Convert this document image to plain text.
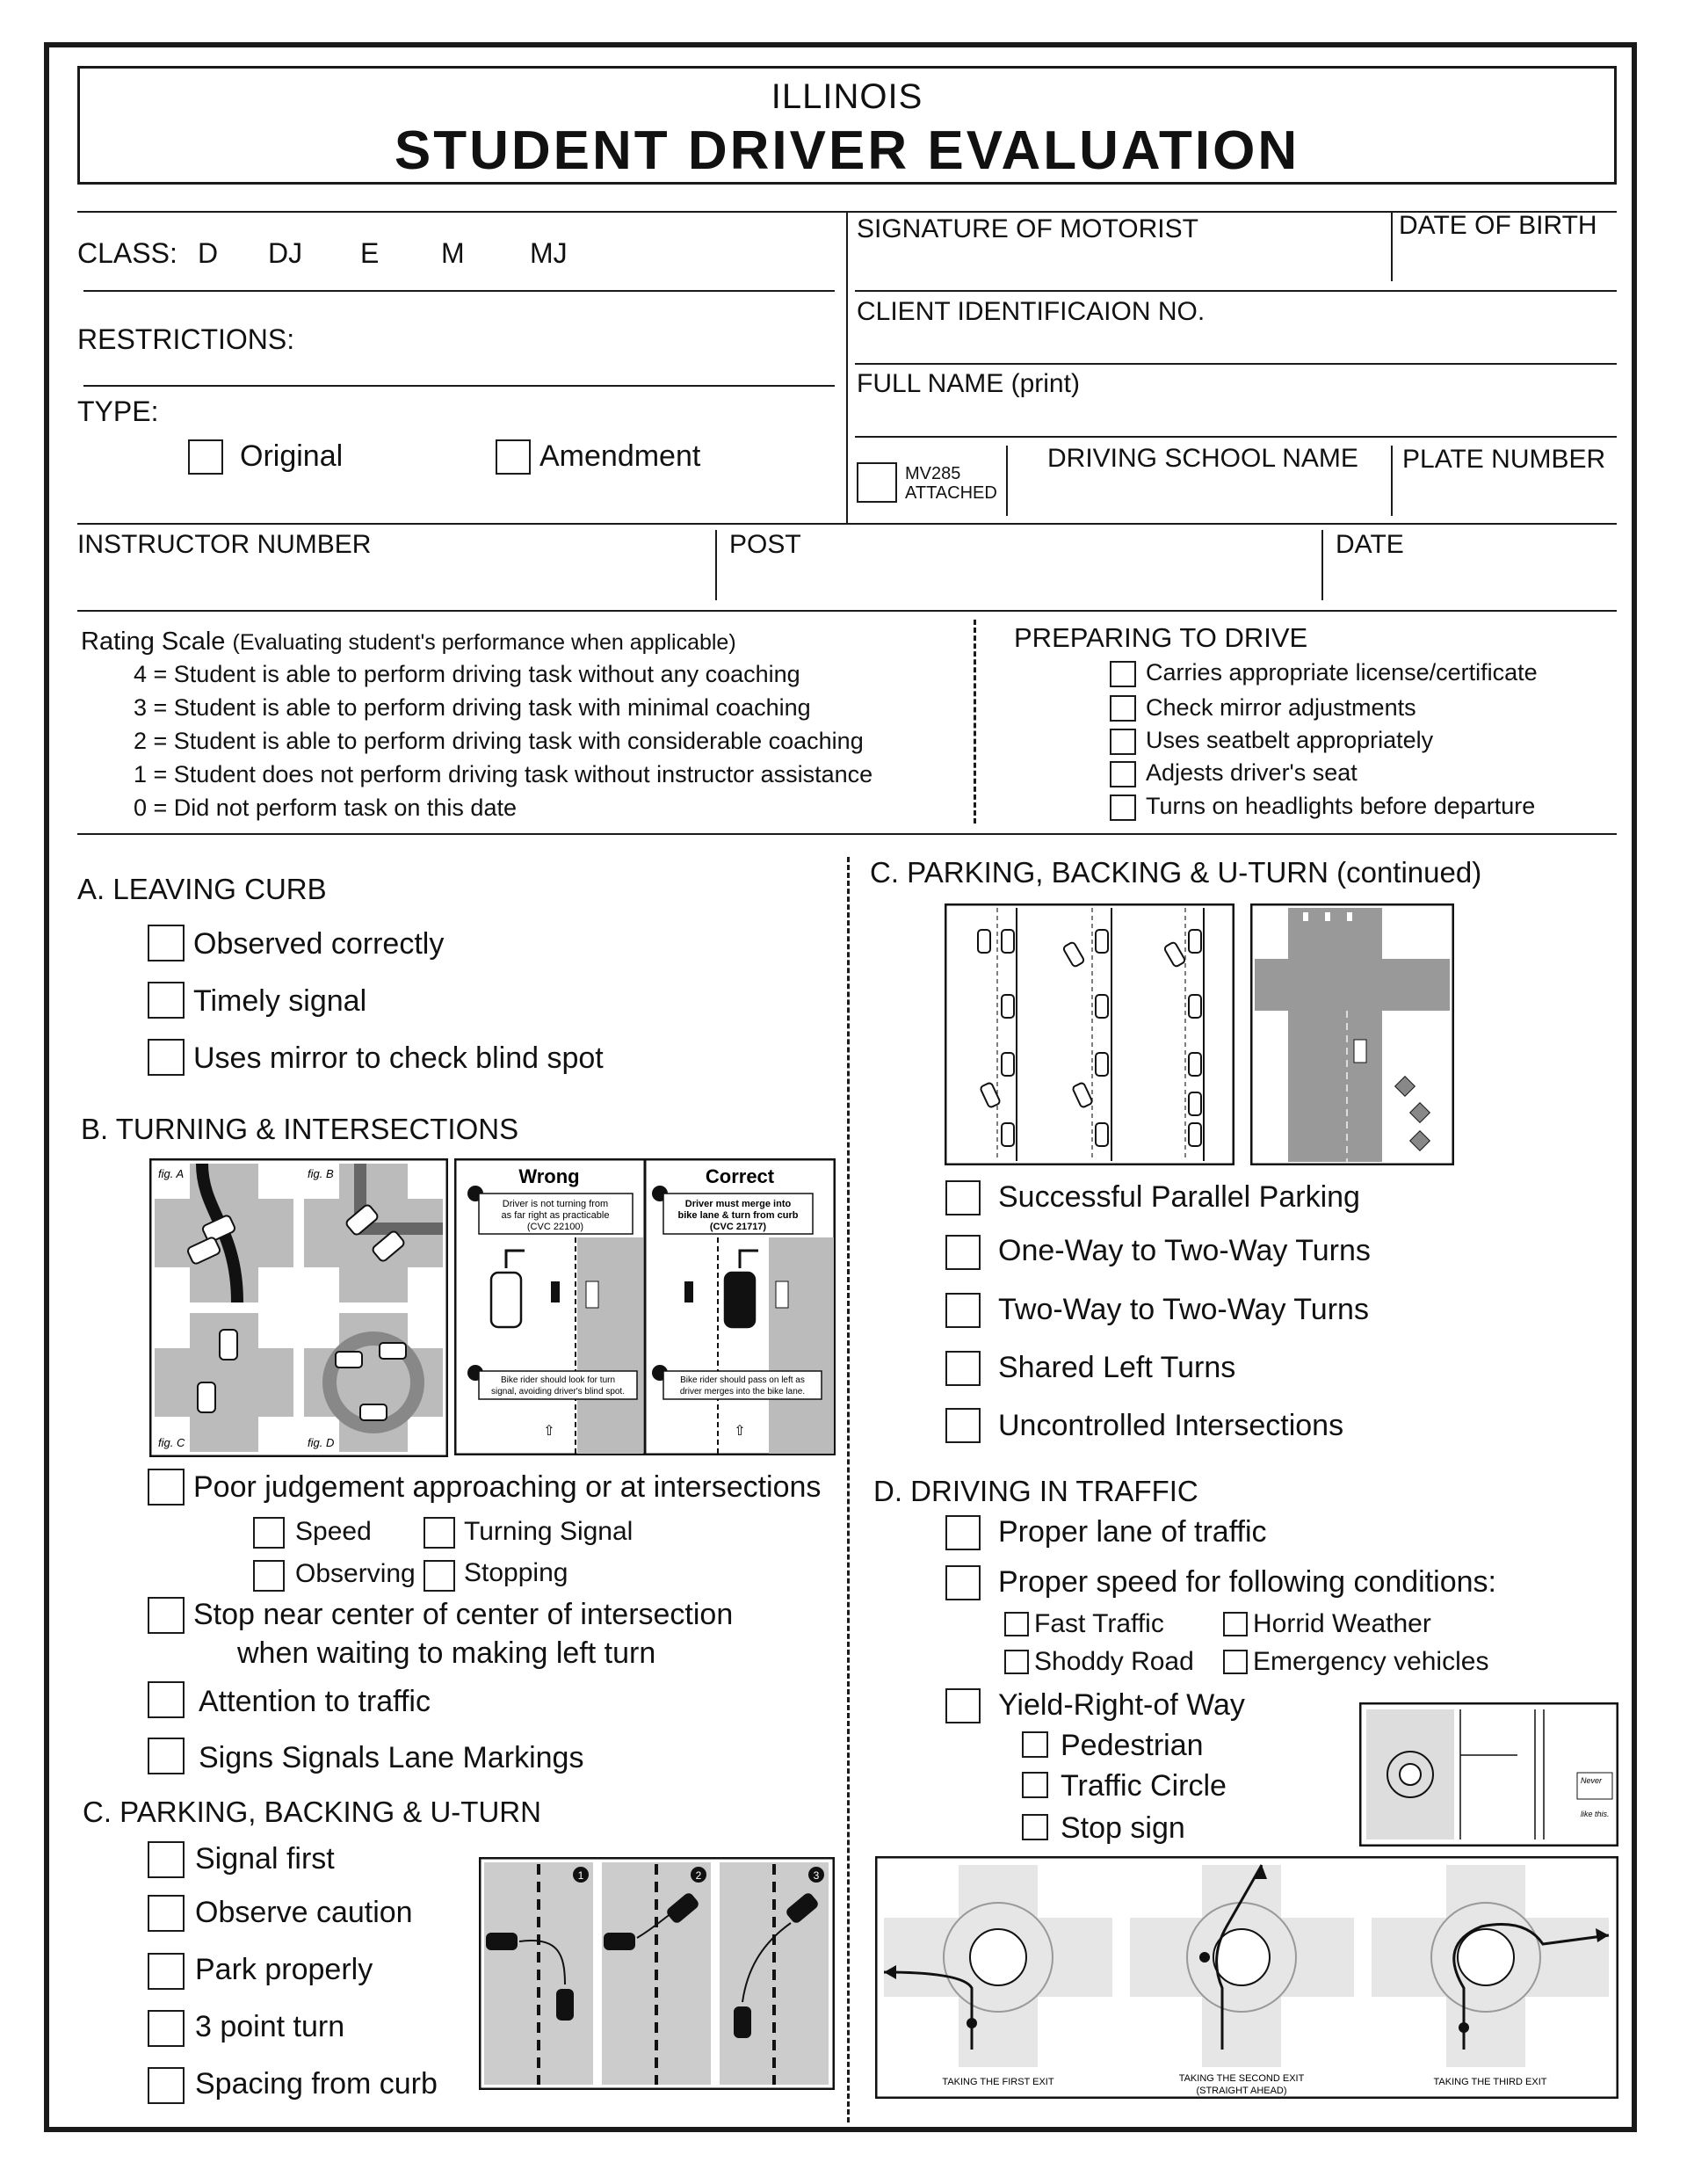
ILLINOIS
STUDENT DRIVER EVALUATION
CLASS: D DJ E M MJ
RESTRICTIONS:
TYPE:
Original	Amendment
SIGNATURE OF MOTORIST	DATE OF BIRTH
CLIENT IDENTIFICAION NO.
FULL NAME (print)
MV285
ATTACHED
DRIVING SCHOOL NAME PLATE NUMBER
INSTRUCTOR NUMBER	POST	DATE
Rating Scale (Evaluating student's performance when applicable)
4 = Student is able to perform driving task without any coaching
3 = Student is able to perform driving task with minimal coaching
2 = Student is able to perform driving task with considerable coaching
1 = Student does not perform driving task without instructor assistance
0 = Did not perform task on this date
PREPARING TO DRIVE
Carries appropriate license/certificate
Check mirror adjustments
Uses seatbelt appropriately
Adjests driver's seat
Turns on headlights before departure
A. LEAVING CURB
Observed correctly
Timely signal
Uses mirror to check blind spot
B. TURNING & INTERSECTIONS
fig. A	fig. B
fig. C	fig. D
Wrong
Driver is not turning from
as far right as practicable
(CVC 22100)
Bike rider should look for turn
signal, avoiding driver's blind spot.
⇧
Correct
Driver must merge into
bike lane & turn from curb
(CVC 21717)
Bike rider should pass on left as
driver merges into the bike lane.
⇧
Poor judgement approaching or at intersections
Speed	Turning Signal
Observing Stopping
Stop near center of center of intersection
when waiting to making left turn
Attention to traffic
Signs Signals Lane Markings
C. PARKING, BACKING & U-TURN
Signal first
Observe caution
Park properly
3 point turn
Spacing from curb
1	2	3
C. PARKING, BACKING & U-TURN (continued)
Successful Parallel Parking
One-Way to Two-Way Turns
Two-Way to Two-Way Turns
Shared Left Turns
Uncontrolled Intersections
D. DRIVING IN TRAFFIC
Proper lane of traffic
Proper speed for following conditions:
Fast Traffic	Horrid Weather
Shoddy Road Emergency vehicles
Yield-Right-of Way
Pedestrian
Traffic Circle
Stop sign
Never
like this.
TAKING THE FIRST EXIT	TAKING THE SECOND EXIT
(STRAIGHT AHEAD)
TAKING THE THIRD EXIT
